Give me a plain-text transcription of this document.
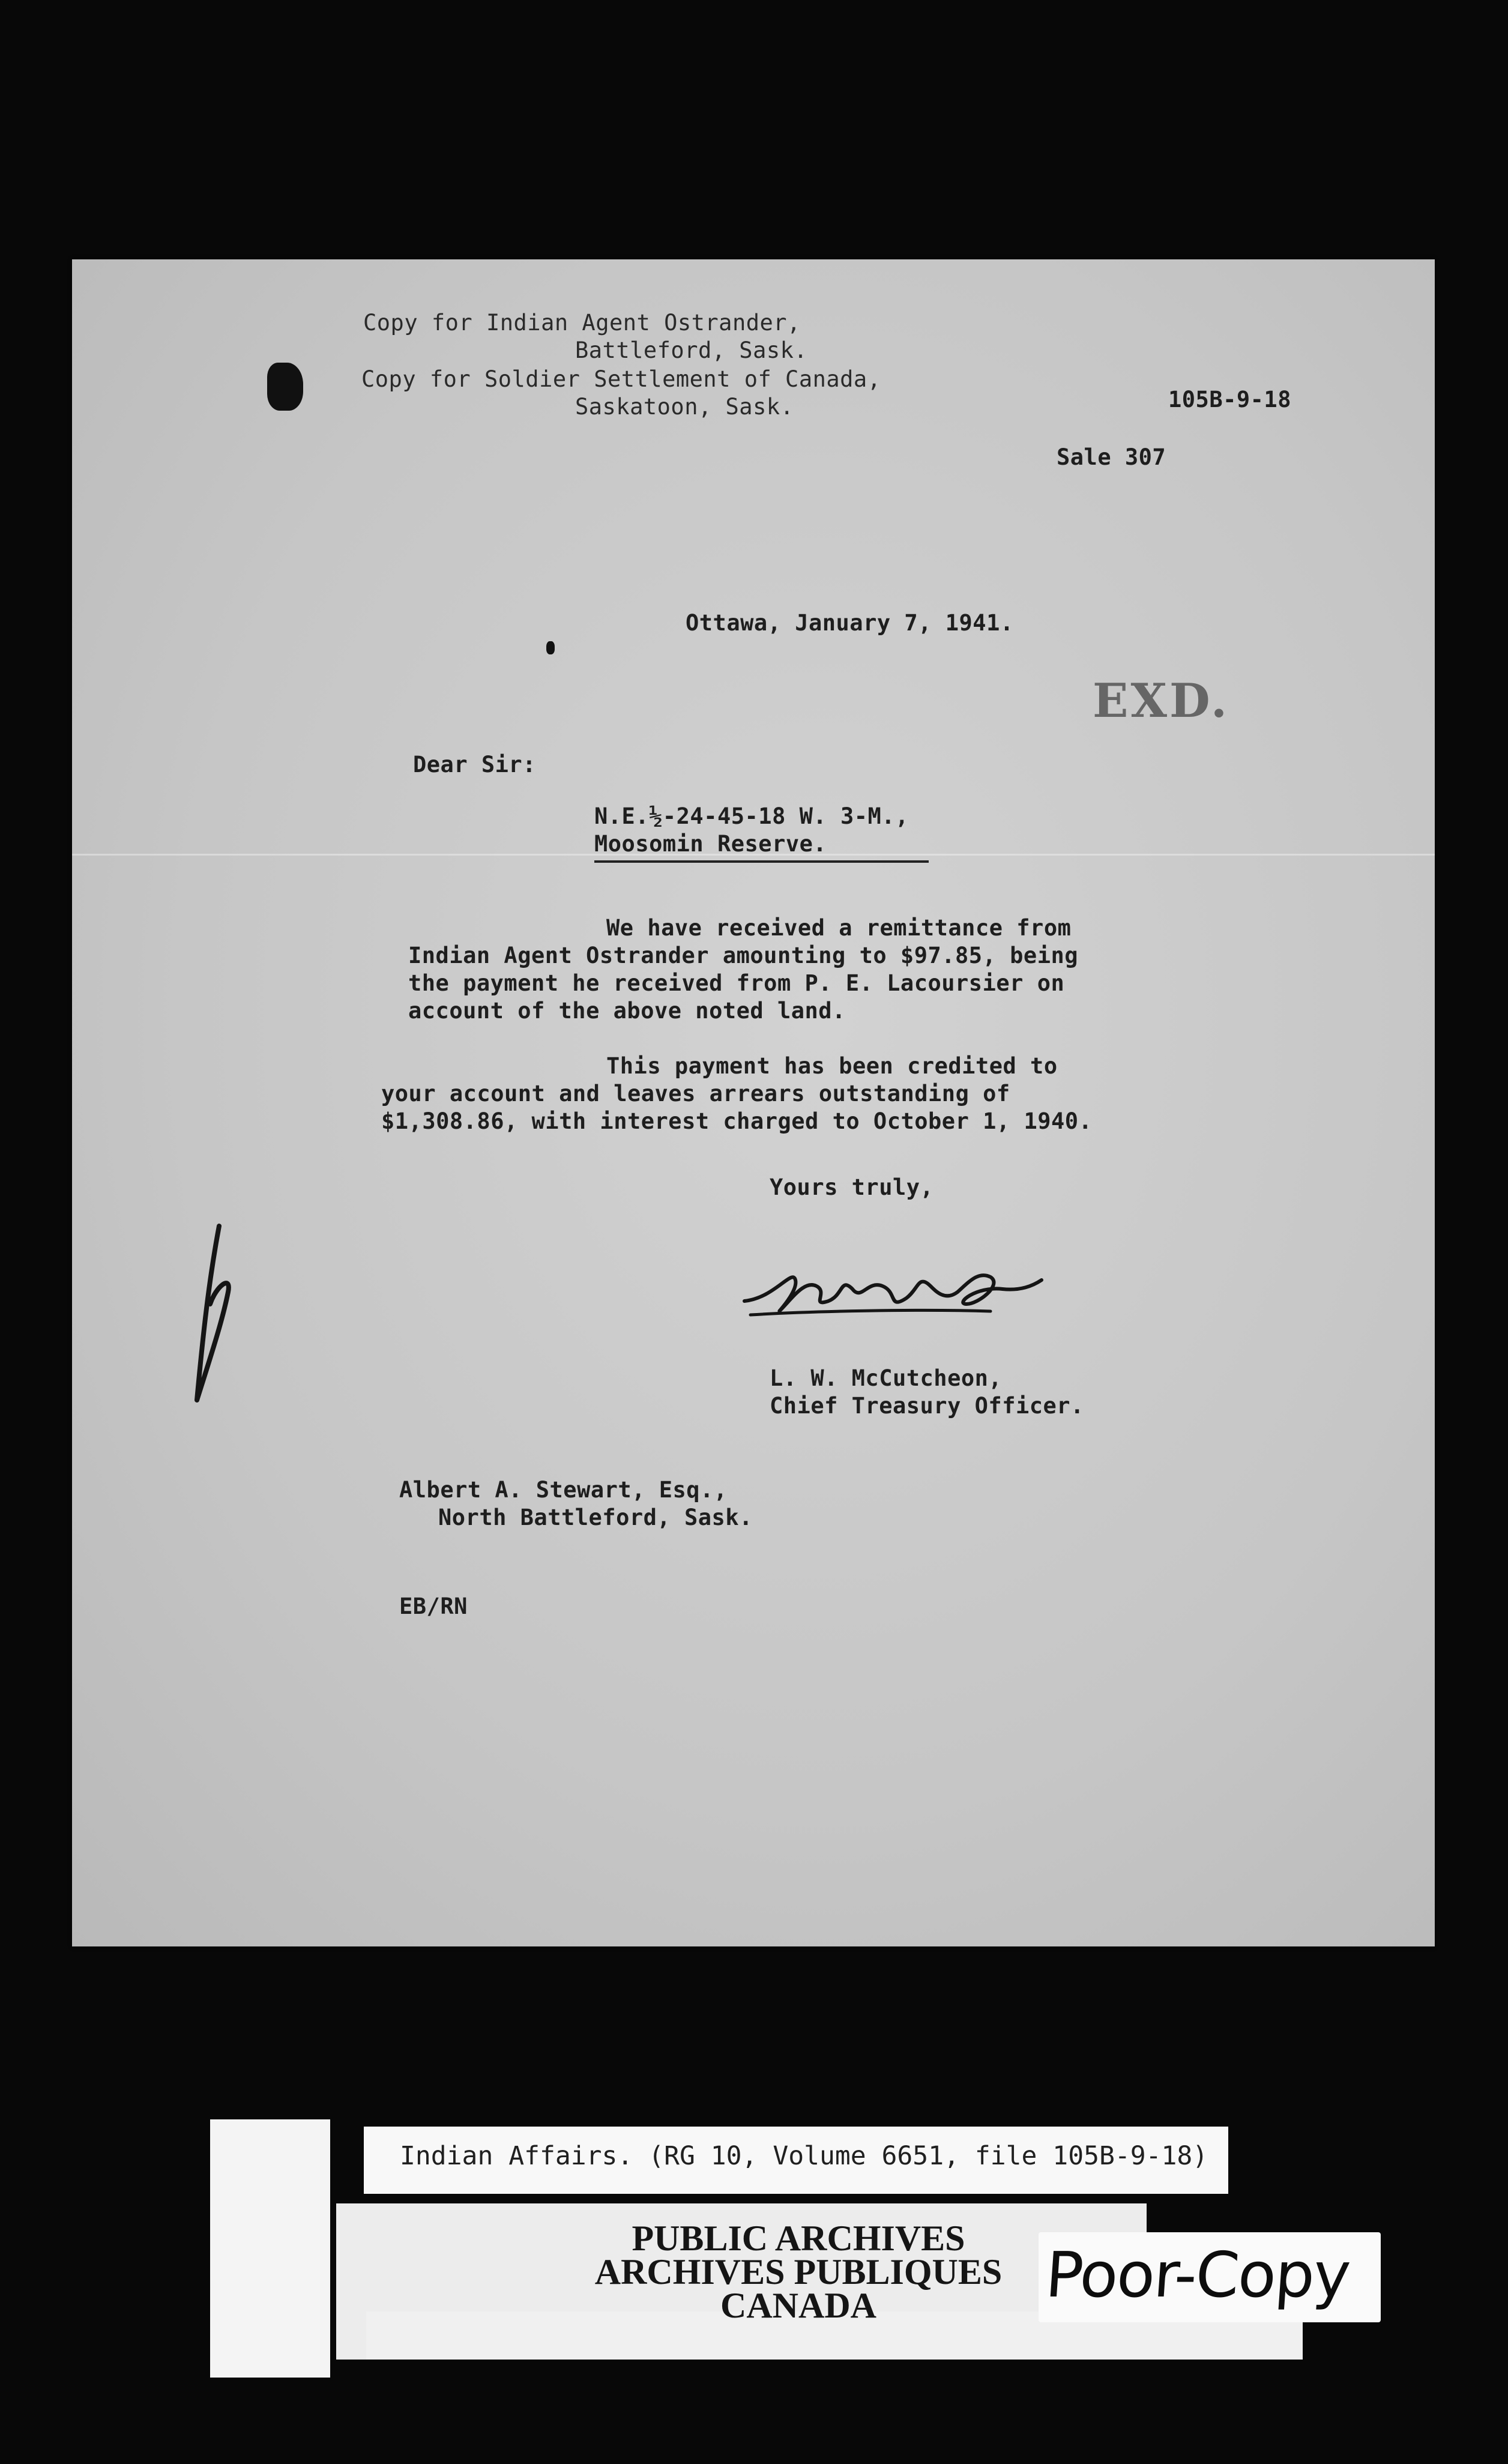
Copy for Indian Agent Ostrander,
Battleford, Sask.
Copy for Soldier Settlement of Canada,
Saskatoon, Sask.	105B-9-18
Sale 307
Ottawa, January 7, 1941.
EXD.
Dear Sir:
N.E.½-24-45-18 W. 3-M.,
Moosomin Reserve.
We have received a remittance from
Indian Agent Ostrander amounting to $97.85, being
the payment he received from P. E. Lacoursier on
account of the above noted land.
This payment has been credited to
your account and leaves arrears outstanding of
$1,308.86, with interest charged to October 1, 1940.
Yours truly,
L. W. McCutcheon,
Chief Treasury Officer.
Albert A. Stewart, Esq.,
North Battleford, Sask.
EB/RN
Indian Affairs. (RG 10, Volume 6651, file 105B-9-18)
PUBLIC ARCHIVES
ARCHIVES PUBLIQUES
CANADA	Poor-Copy
